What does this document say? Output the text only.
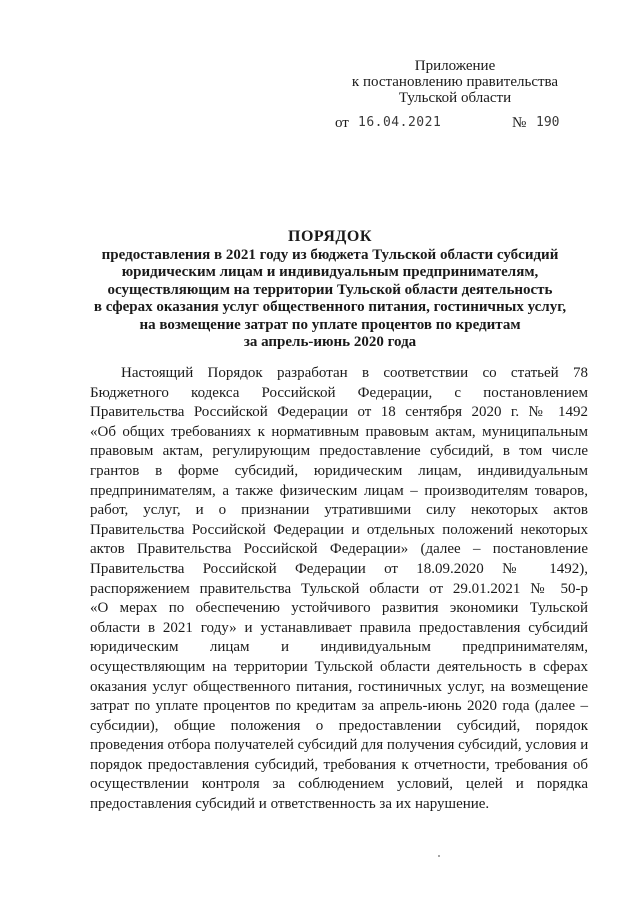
Приложение
к постановлению правительства
Тульской области
от 16.04.2021	№ 190
ПОРЯДОК
предоставления в 2021 году из бюджета Тульской области субсидий
юридическим лицам и индивидуальным предпринимателям,
осуществляющим на территории Тульской области деятельность
в сферах оказания услуг общественного питания, гостиничных услуг,
на возмещение затрат по уплате процентов по кредитам
за апрель-июнь 2020 года
Настоящий Порядок разработан в соответствии со статьей 78
Бюджетного кодекса Российской Федерации, с постановлением
Правительства Российской Федерации от 18 сентября 2020 г. № 1492
«Об общих требованиях к нормативным правовым актам, муниципальным
правовым актам, регулирующим предоставление субсидий, в том числе
грантов в форме субсидий, юридическим лицам, индивидуальным
предпринимателям, а также физическим лицам – производителям товаров,
работ, услуг, и о признании утратившими силу некоторых актов
Правительства Российской Федерации и отдельных положений некоторых
актов Правительства Российской Федерации» (далее – постановление
Правительства Российской Федерации от 18.09.2020 № 1492),
распоряжением правительства Тульской области от 29.01.2021 № 50-р
«О мерах по обеспечению устойчивого развития экономики Тульской
области в 2021 году» и устанавливает правила предоставления субсидий
юридическим лицам и индивидуальным предпринимателям,
осуществляющим на территории Тульской области деятельность в сферах
оказания услуг общественного питания, гостиничных услуг, на возмещение
затрат по уплате процентов по кредитам за апрель-июнь 2020 года (далее –
субсидии), общие положения о предоставлении субсидий, порядок
проведения отбора получателей субсидий для получения субсидий, условия и
порядок предоставления субсидий, требования к отчетности, требования об
осуществлении контроля за соблюдением условий, целей и порядка
предоставления субсидий и ответственность за их нарушение.
